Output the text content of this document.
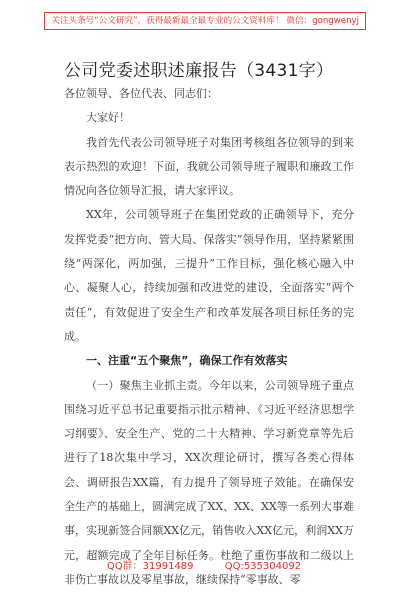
关注头条号“公文研究”，获得最新最全最专业的公文资料库！ 微信：gongwenyj
公司党委述职述廉报告（3431字）

各位领导、各位代表、同志们：

大家好！

我首先代表公司领导班子对集团考核组各位领导的到来表示热烈的欢迎！下面，我就公司领导班子履职和廉政工作情况向各位领导汇报，请大家评议。

XX年，公司领导班子在集团党政的正确领导下，充分发挥党委“把方向、管大局、保落实”领导作用，坚持紧紧围绕“两深化，两加强，三提升”工作目标，强化核心融入中心、凝聚人心，持续加强和改进党的建设，全面落实“两个责任”，有效促进了安全生产和改革发展各项目标任务的完成。

一、注重“五个聚焦”，确保工作有效落实

（一）聚焦主业抓主责。今年以来，公司领导班子重点围绕习近平总书记重要指示批示精神、《习近平经济思想学习纲要》、安全生产、党的二十大精神、学习新党章等先后进行了18次集中学习，XX次理论研讨，撰写各类心得体会、调研报告XX篇，有力提升了领导班子效能。在确保安全生产的基础上，圆满完成了XX、XX、XX等一系列大事难事，实现新签合同额XX亿元，销售收入XX亿元，利润XX万元，超额完成了全年目标任务。杜绝了重伤事故和二级以上非伤亡事故以及零星事故，继续保持“零事故、零

QQ群：31991489	QQ:535304092
